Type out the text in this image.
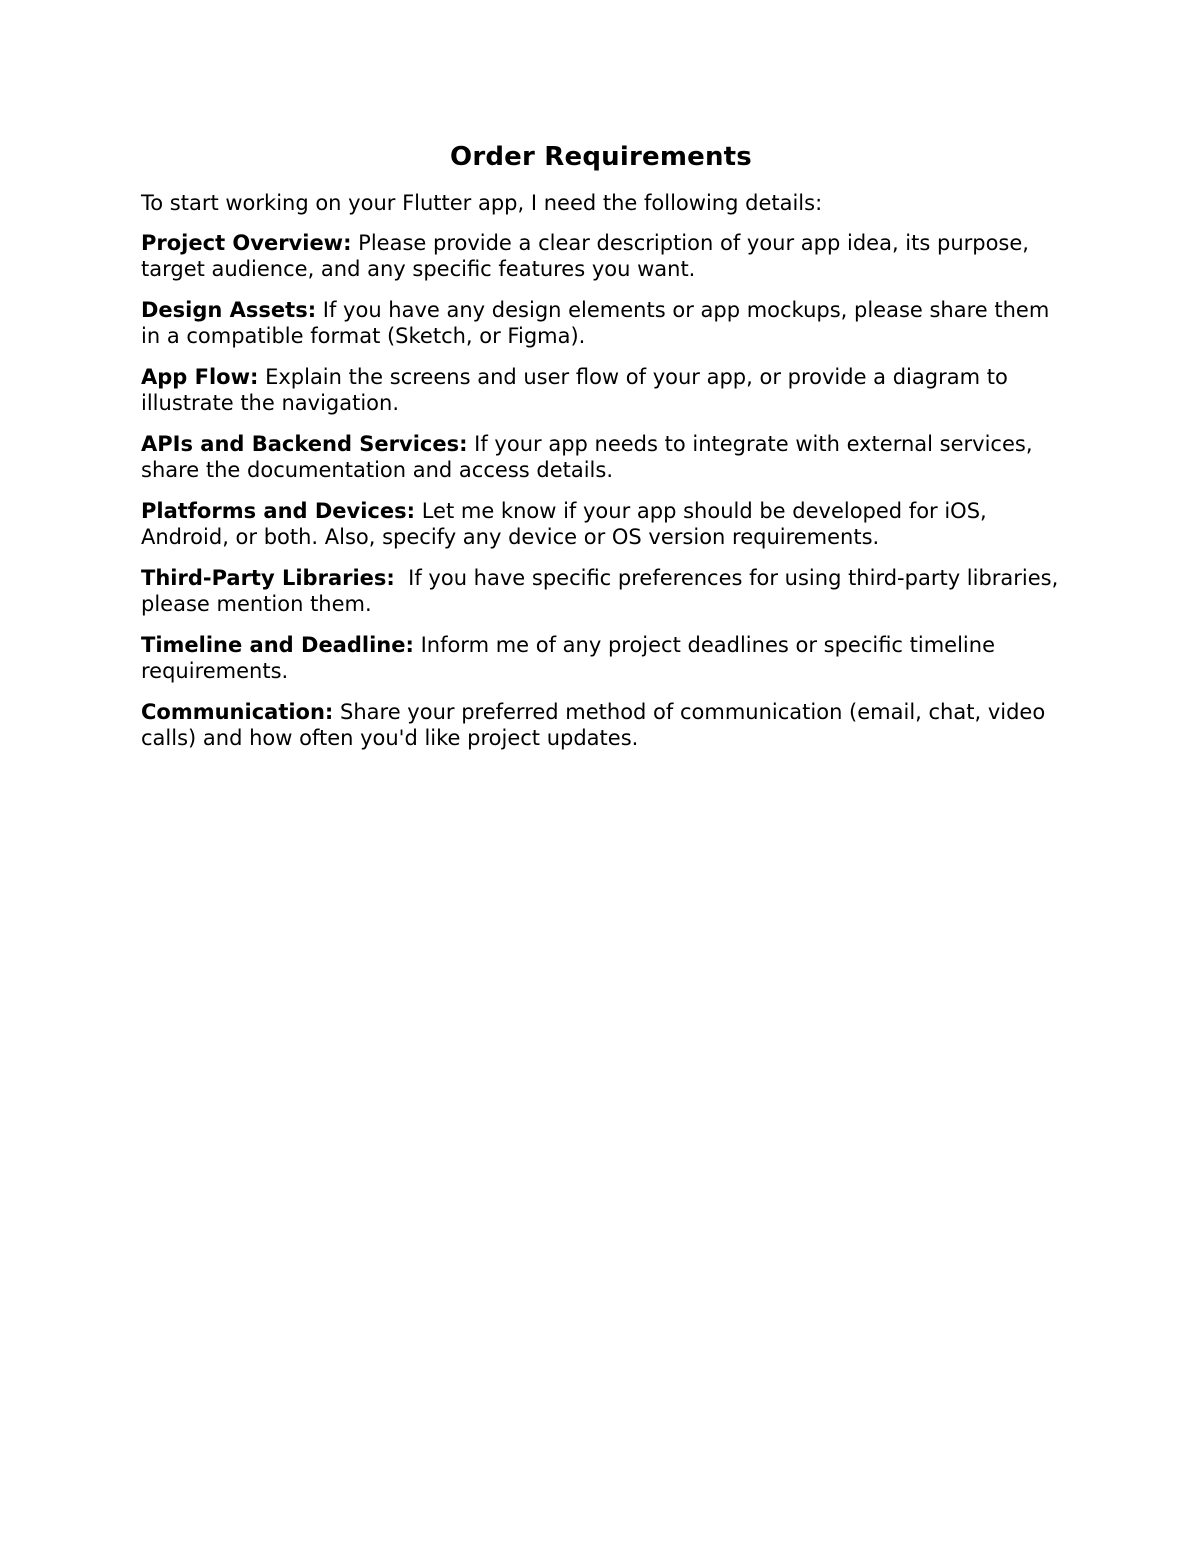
Order Requirements

To start working on your Flutter app, I need the following details:

Project Overview: Please provide a clear description of your app idea, its purpose, target audience, and any specific features you want.

Design Assets: If you have any design elements or app mockups, please share them in a compatible format (Sketch, or Figma).

App Flow: Explain the screens and user flow of your app, or provide a diagram to illustrate the navigation.

APIs and Backend Services: If your app needs to integrate with external services, share the documentation and access details.

Platforms and Devices: Let me know if your app should be developed for iOS, Android, or both. Also, specify any device or OS version requirements.

Third-Party Libraries:  If you have specific preferences for using third-party libraries, please mention them.

Timeline and Deadline: Inform me of any project deadlines or specific timeline requirements.

Communication: Share your preferred method of communication (email, chat, video calls) and how often you'd like project updates.
